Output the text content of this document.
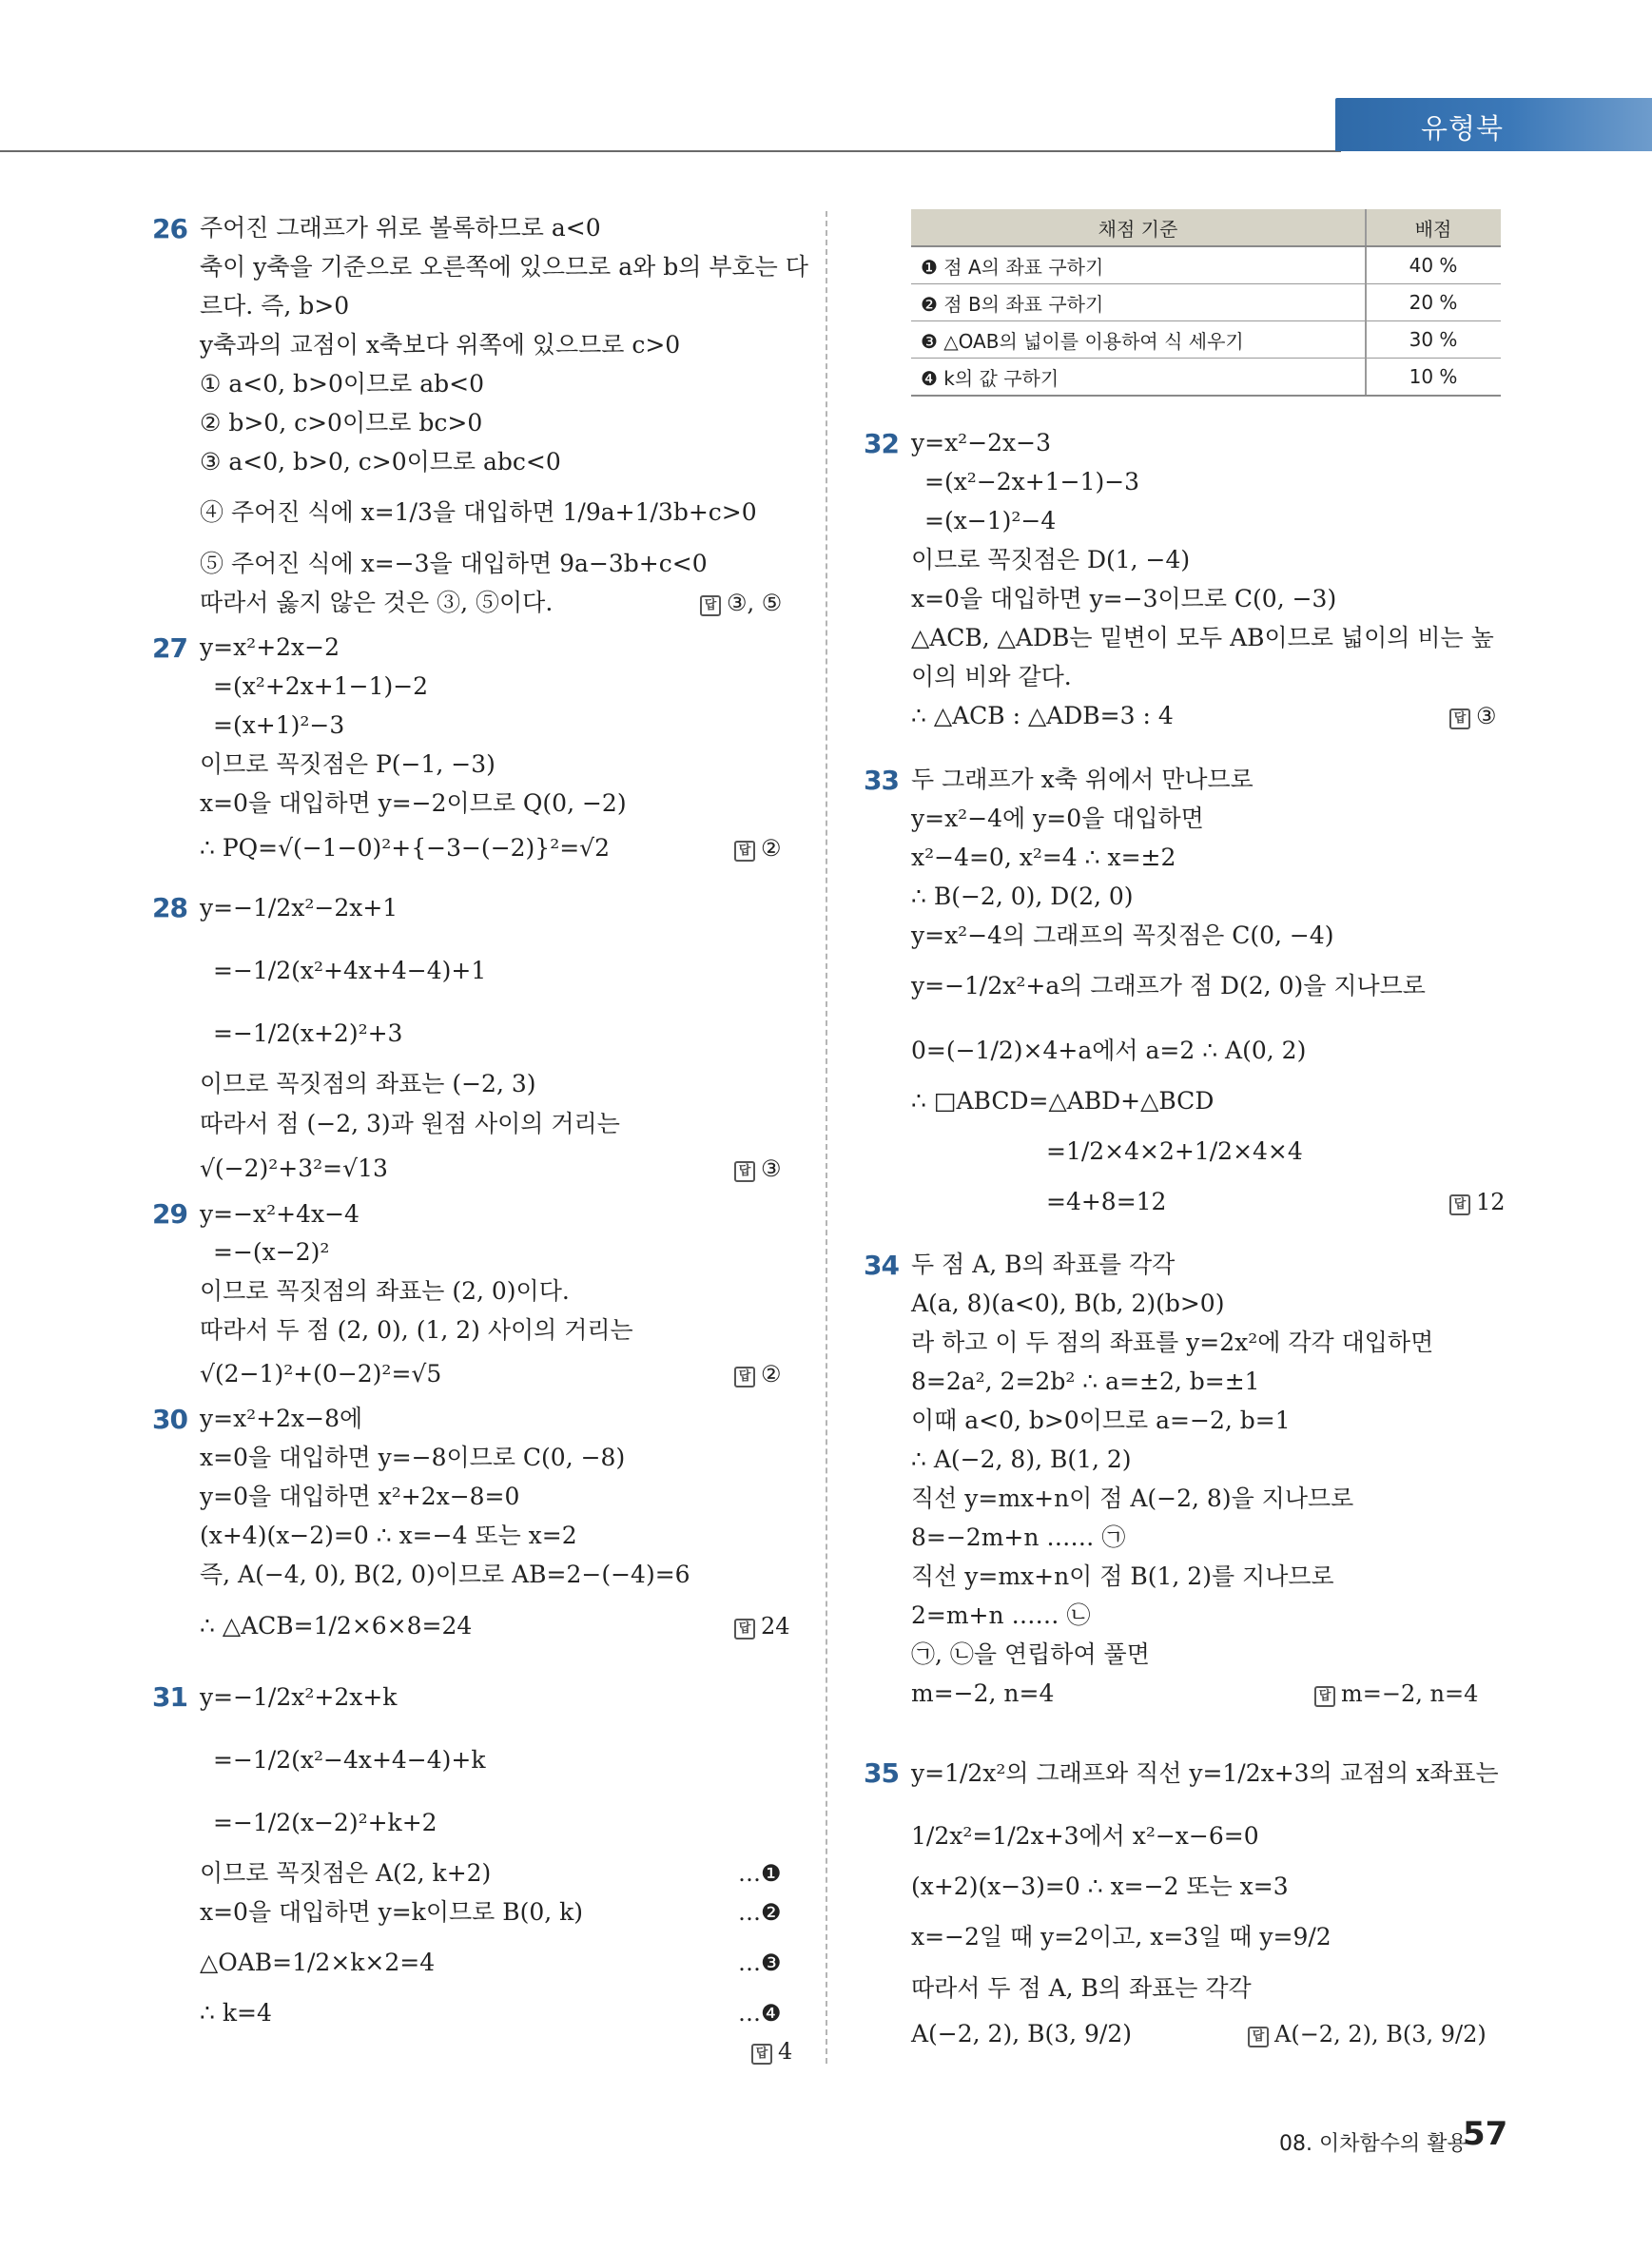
유형북
26 주어진 그래프가 위로 볼록하므로 a<0
축이 y축을 기준으로 오른쪽에 있으므로 a와 b의 부호는 다
르다. 즉, b>0
y축과의 교점이 x축보다 위쪽에 있으므로 c>0
① a<0, b>0이므로 ab<0
② b>0, c>0이므로 bc>0
③ a<0, b>0, c>0이므로 abc<0
④ 주어진 식에 x=1/3을 대입하면 1/9a+1/3b+c>0
⑤ 주어진 식에 x=−3을 대입하면 9a−3b+c<0
따라서 옳지 않은 것은 ③, ⑤이다.	답 ③, ⑤
27 y=x²+2x−2
=(x²+2x+1−1)−2
=(x+1)²−3
이므로 꼭짓점은 P(−1, −3)
x=0을 대입하면 y=−2이므로 Q(0, −2)
∴ PQ=√(−1−0)²+{−3−(−2)}²=√2	답 ②
28 y=−1/2x²−2x+1
=−1/2(x²+4x+4−4)+1
=−1/2(x+2)²+3
이므로 꼭짓점의 좌표는 (−2, 3)
따라서 점 (−2, 3)과 원점 사이의 거리는
√(−2)²+3²=√13	답 ③
29 y=−x²+4x−4
=−(x−2)²
이므로 꼭짓점의 좌표는 (2, 0)이다.
따라서 두 점 (2, 0), (1, 2) 사이의 거리는
√(2−1)²+(0−2)²=√5	답 ②
30 y=x²+2x−8에
x=0을 대입하면 y=−8이므로 C(0, −8)
y=0을 대입하면 x²+2x−8=0
(x+4)(x−2)=0 ∴ x=−4 또는 x=2
즉, A(−4, 0), B(2, 0)이므로 AB=2−(−4)=6
∴ △ACB=1/2×6×8=24	답 24
31 y=−1/2x²+2x+k
=−1/2(x²−4x+4−4)+k
=−1/2(x−2)²+k+2
이므로 꼭짓점은 A(2, k+2)
x=0을 대입하면 y=k이므로 B(0, k)
△OAB=1/2×k×2=4
∴ k=4
…❶
…❷
…❸
…❹
답 4
채점 기준	배점
❶ 점 A의 좌표 구하기	40 %
❷ 점 B의 좌표 구하기	20 %
❸ △OAB의 넓이를 이용하여 식 세우기	30 %
❹ k의 값 구하기	10 %
32 y=x²−2x−3
=(x²−2x+1−1)−3
=(x−1)²−4
이므로 꼭짓점은 D(1, −4)
x=0을 대입하면 y=−3이므로 C(0, −3)
△ACB, △ADB는 밑변이 모두 AB이므로 넓이의 비는 높
이의 비와 같다.
∴ △ACB : △ADB=3 : 4	답 ③
33 두 그래프가 x축 위에서 만나므로
y=x²−4에 y=0을 대입하면
x²−4=0, x²=4 ∴ x=±2
∴ B(−2, 0), D(2, 0)
y=x²−4의 그래프의 꼭짓점은 C(0, −4)
y=−1/2x²+a의 그래프가 점 D(2, 0)을 지나므로
0=(−1/2)×4+a에서 a=2 ∴ A(0, 2)
∴ □ABCD=△ABD+△BCD
=1/2×4×2+1/2×4×4
=4+8=12	답 12
34 두 점 A, B의 좌표를 각각
A(a, 8)(a<0), B(b, 2)(b>0)
라 하고 이 두 점의 좌표를 y=2x²에 각각 대입하면
8=2a², 2=2b² ∴ a=±2, b=±1
이때 a<0, b>0이므로 a=−2, b=1
∴ A(−2, 8), B(1, 2)
직선 y=mx+n이 점 A(−2, 8)을 지나므로
8=−2m+n …… ㉠
직선 y=mx+n이 점 B(1, 2)를 지나므로
2=m+n …… ㉡
㉠, ㉡을 연립하여 풀면
m=−2, n=4	답 m=−2, n=4
35 y=1/2x²의 그래프와 직선 y=1/2x+3의 교점의 x좌표는
1/2x²=1/2x+3에서 x²−x−6=0
(x+2)(x−3)=0 ∴ x=−2 또는 x=3
x=−2일 때 y=2이고, x=3일 때 y=9/2
따라서 두 점 A, B의 좌표는 각각
A(−2, 2), B(3, 9/2)	답 A(−2, 2), B(3, 9/2)
08. 이차함수의 활용
57
